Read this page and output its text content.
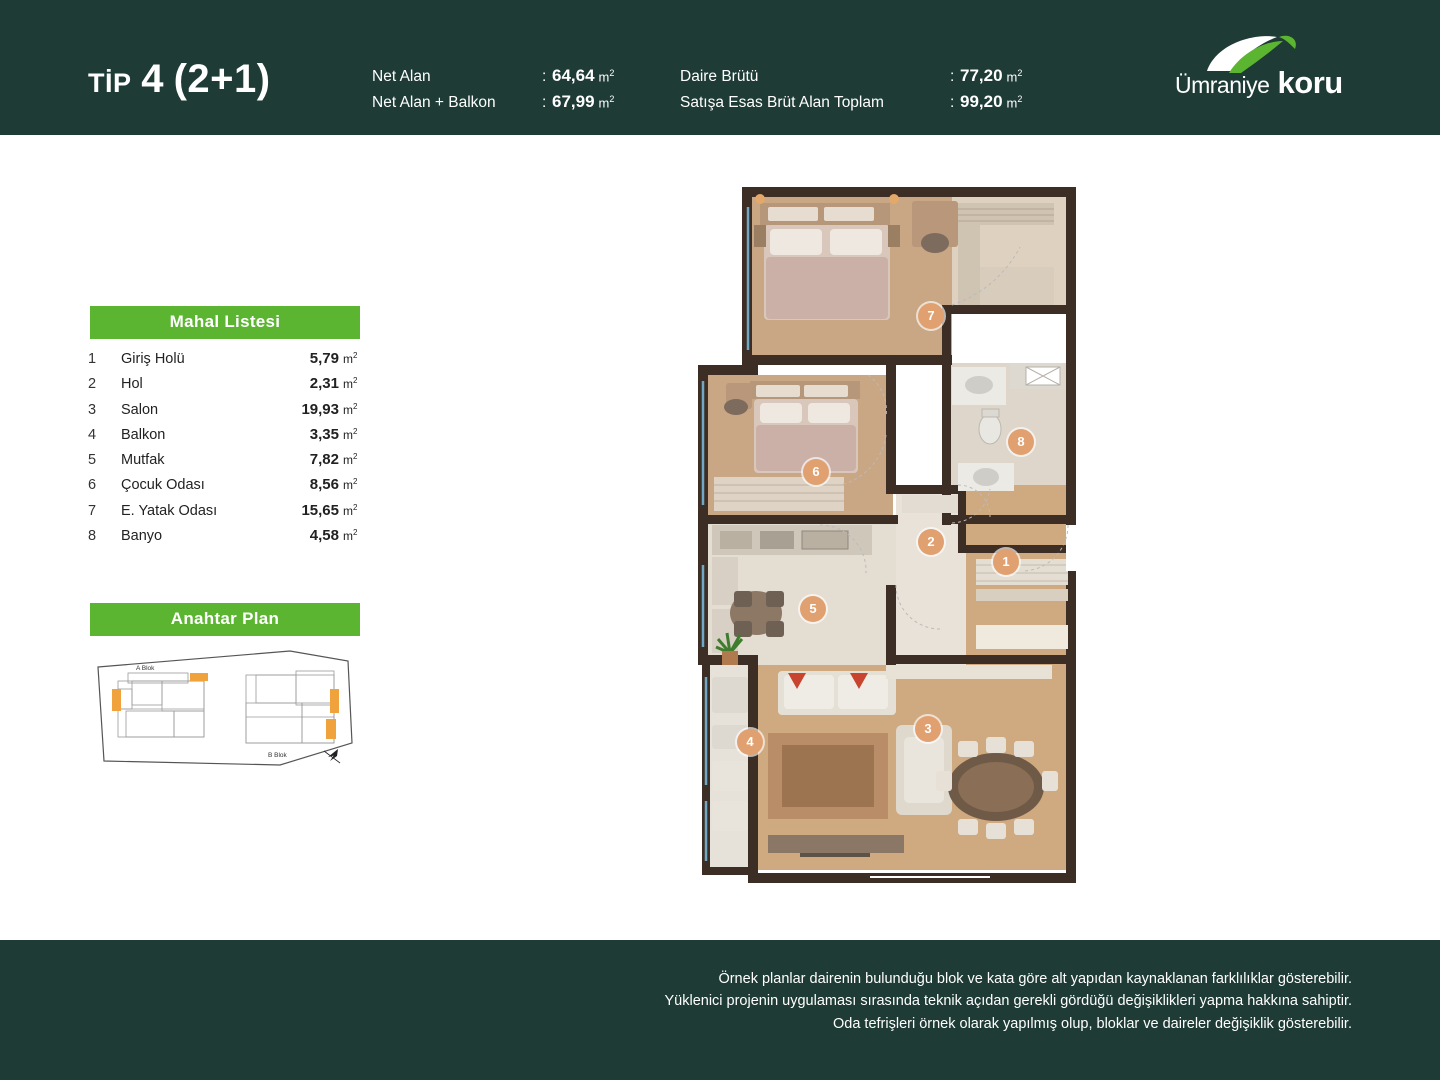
TİP 4 (2+1)	Net Alan	: 64,64 $m^2$
Net Alan + Balkon	: 67,99 $m^2$
Daire Brütü	: 77,20 $m^2$
Satışa Esas Brüt Alan Toplam	: 99,20 $m^2$
Ümraniye koru
Mahal Listesi
1	Giriş Holü	5,79 $m^2$
2	Hol	2,31 $m^2$
3	Salon	19,93 $m^2$
4	Balkon	3,35 $m^2$
5	Mutfak	7,82 $m^2$
6	Çocuk Odası	8,56 $m^2$
7	E. Yatak Odası	15,65 $m^2$
8	Banyo	4,58 $m^2$
Anahtar Plan
A Blok
B Blok
7
8
6
2
1
5
3
4
Örnek planlar dairenin bulunduğu blok ve kata göre alt yapıdan kaynaklanan farklılıklar gösterebilir.
Yüklenici projenin uygulaması sırasında teknik açıdan gerekli gördüğü değişiklikleri yapma hakkına sahiptir.
Oda tefrişleri örnek olarak yapılmış olup, bloklar ve daireler değişiklik gösterebilir.
